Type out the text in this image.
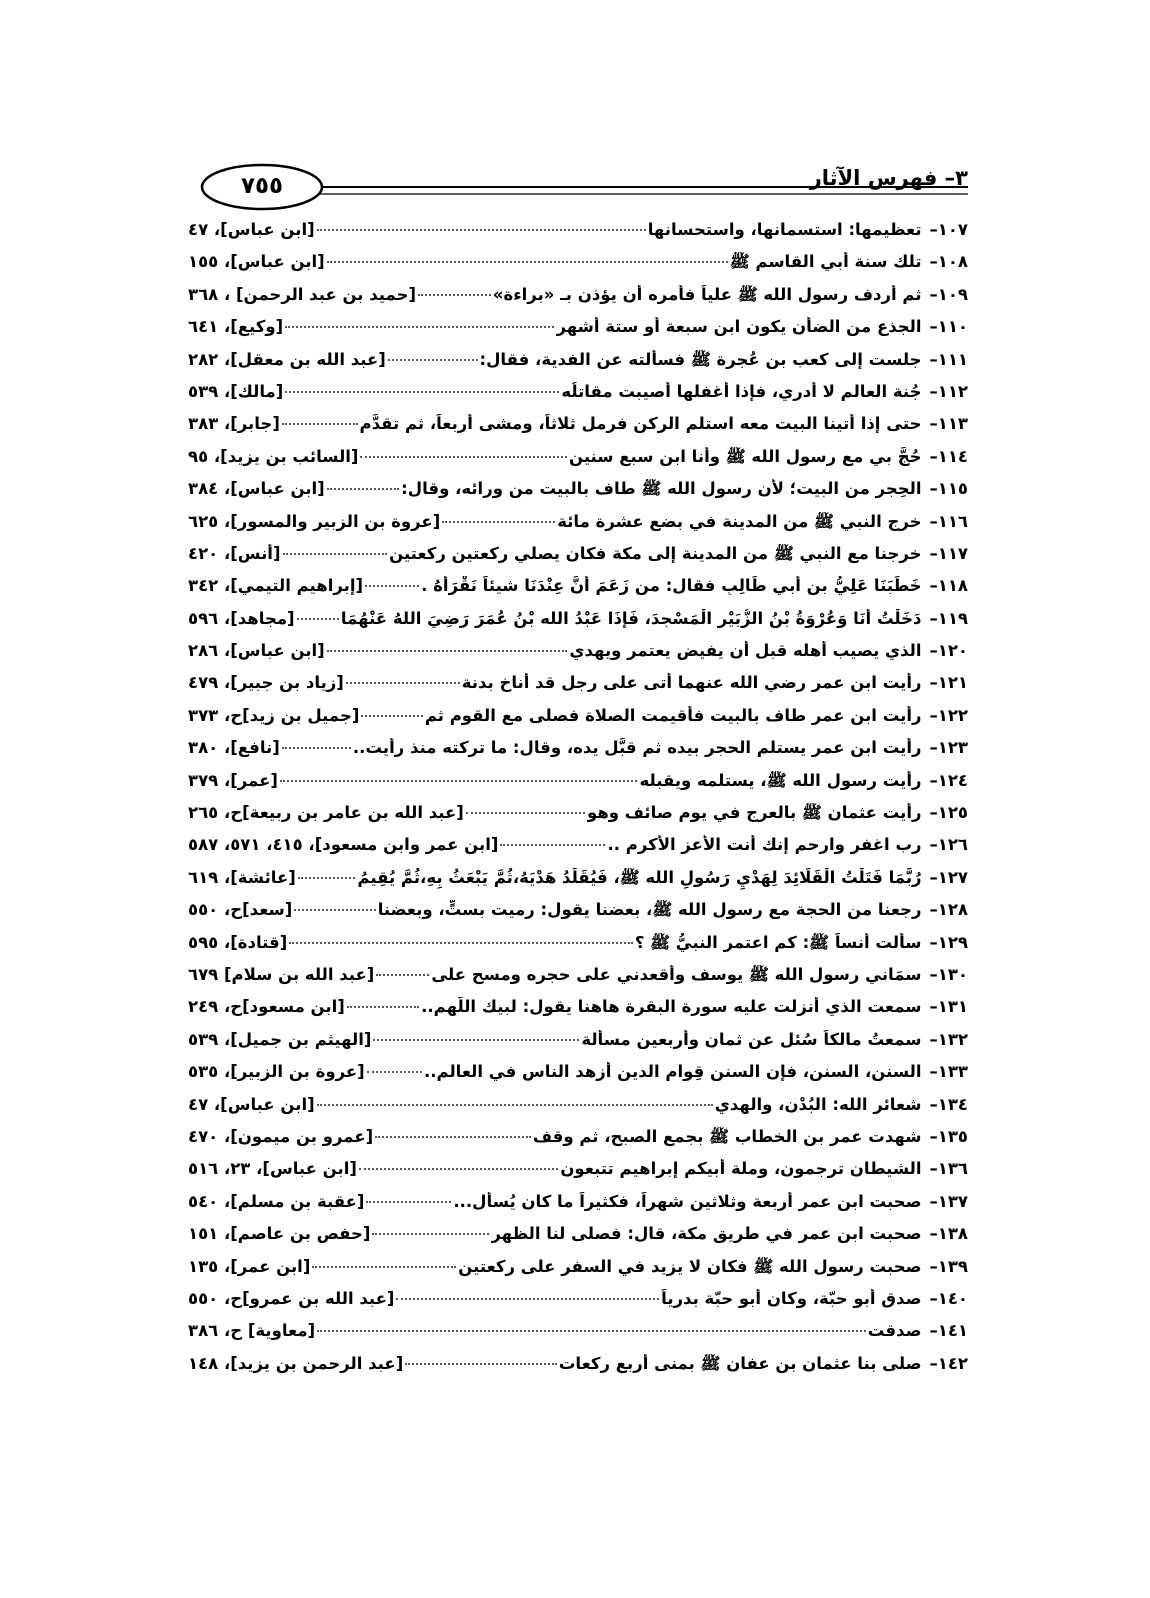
٧٥٥	٣– فهرس الآثار
١٠٧–
تعظيمها: استسمانها، واستحسانها
[ابن عباس]، ٤٧
١٠٨–
تلك سنة أبي القاسم ﷺ
[ابن عباس]، ١٥٥
١٠٩–
ثم أردف رسول الله ﷺ علياً فأمره أن يؤذن بـ «براءة»
[حميد بن عبد الرحمن] ، ٣٦٨
١١٠–
الجذع من الضأن يكون ابن سبعة أو ستة أشهر
[وكيع]، ٦٤١
١١١–
جلست إلى كعب بن عُجرة ﷺ فسألته عن الفدية، فقال:
[عبد الله بن معقل]، ٢٨٢
١١٢–
جُنة العالم لا أدري، فإذا أغفلها أُصيبت مقاتلُه
[مالك]، ٥٣٩
١١٣–
حتى إذا أتينا البيت معه استلم الركن فرمل ثلاثاً، ومشى أربعاً، ثم تقدَّم
[جابر]، ٣٨٣
١١٤–
حُجَّ بي مع رسول الله ﷺ وأنا ابن سبع سنين
[السائب بن يزيد]، ٩٥
١١٥–
الحِجر من البيت؛ لأن رسول الله ﷺ طاف بالبيت من ورائه، وقال:
[ابن عباس]، ٣٨٤
١١٦–
خرج النبي ﷺ من المدينة في بضع عشرة مائة
[عروة بن الزبير والمسور]، ٦٢٥
١١٧–
خرجنا مع النبي ﷺ من المدينة إلى مكة فكان يصلي ركعتين ركعتين
[أنس]، ٤٢٠
١١٨–
خَطَبَنَا عَلِيُّ بن أبي طَالِبٍ فقال: من زَعَمَ أَنَّ عِنْدَنَا شيئاً نَقْرَأُهُ .
[إبراهيم التيمي]، ٣٤٢
١١٩–
دَخَلْتُ أَنَا وَعُرْوَةُ بْنُ الزُّبَيْرِ الْمَسْجِدَ، فَإِذَا عَبْدُ الله بْنُ عُمَرَ رَضِيَ اللهُ عَنْهُمَا
[مجاهد]، ٥٩٦
١٢٠–
الذي يصيب أهله قبل أن يفيض يعتمر ويهدي
[ابن عباس]، ٢٨٦
١٢١–
رأيت ابن عمر رضي الله عنهما أتى على رجل قد أناخ بدنة
[زياد بن جبير]، ٤٧٩
١٢٢–
رأيت ابن عمر طاف بالبيت فأقيمت الصلاة فصلى مع القوم ثم
[جميل بن زيد]ح، ٣٧٣
١٢٣–
رأيت ابن عمر يستلم الحجر بيده ثم قبَّل يده، وقال: ما تركته منذ رأيت..
[نافع]، ٣٨٠
١٢٤–
رأيت رسول الله ﷺ، يستلمه ويقبله
[عمر]، ٣٧٩
١٢٥–
رأيت عثمان ﷺ بالعرج في يوم صائف وهو
[عبد الله بن عامر بن ربيعة]ح، ٢٦٥
١٢٦–
رب اغفر وارحم إنك أنت الأعز الأكرم ..
[ابن عمر وابن مسعود]، ٤١٥، ٥٧١، ٥٨٧
١٢٧–
رُبَّمَا فَتَلْتُ الْقَلَائِدَ لِهَدْيِ رَسُولِ الله ﷺ، فَيُقَلِّدُ هَدْيَهُ،ثُمَّ يَبْعَثُ بِهِ،ثُمَّ يُقِيمُ
[عائشة]، ٦١٩
١٢٨–
رجعنا من الحجة مع رسول الله ﷺ، بعضنا يقول: رميت بستٍّ، وبعضنا
[سعد]ح، ٥٥٠
١٢٩–
سألت أنساً ﷺ: كم اعتمر النبيُّ ﷺ ؟
[قتادة]، ٥٩٥
١٣٠–
سمَاني رسول الله ﷺ يوسف وأقعدني على حجره ومسح على
[عبد الله بن سلام] ٦٧٩
١٣١–
سمعت الذي أنزلت عليه سورة البقرة هاهنا يقول: لبيك اللَّهم..
[ابن مسعود]ح، ٢٤٩
١٣٢–
سمعتُ مالكاً سُئل عن ثمانٍ وأربعين مسألة
[الهيثم بن جميل]، ٥٣٩
١٣٣–
السنن، السنن، فإن السنن قِوام الدين أزهد الناس في العالم..
[عروة بن الزبير]، ٥٣٥
١٣٤–
شعائر الله: البُدْن، والهدي
[ابن عباس]، ٤٧
١٣٥–
شهدت عمر بن الخطاب ﷺ بجمع الصبح، ثم وقف
[عمرو بن ميمون]، ٤٧٠
١٣٦–
الشيطان ترجمون، وملة أبيكم إبراهيم تتبعون
[ابن عباس]، ٢٣، ٥١٦
١٣٧–
صحبت ابن عمر أربعة وثلاثين شهراً، فكثيراً ما كان يُسأل...
[عقبة بن مسلم]، ٥٤٠
١٣٨–
صحبت ابن عمر في طريق مكة، قال: فصلى لنا الظهر
[حفص بن عاصم]، ١٥١
١٣٩–
صحبت رسول الله ﷺ فكان لا يزيد في السفر على ركعتين
[ابن عمر]، ١٣٥
١٤٠–
صدق أبو حبّة، وكان أبو حبّة بدرياً
[عبد الله بن عمرو]ح، ٥٥٠
١٤١–
صدقت
[معاوية] ح، ٣٨٦
١٤٢–
صلى بنا عثمان بن عفان ﷺ بمنى أربع ركعات
[عبد الرحمن بن يزيد]، ١٤٨
